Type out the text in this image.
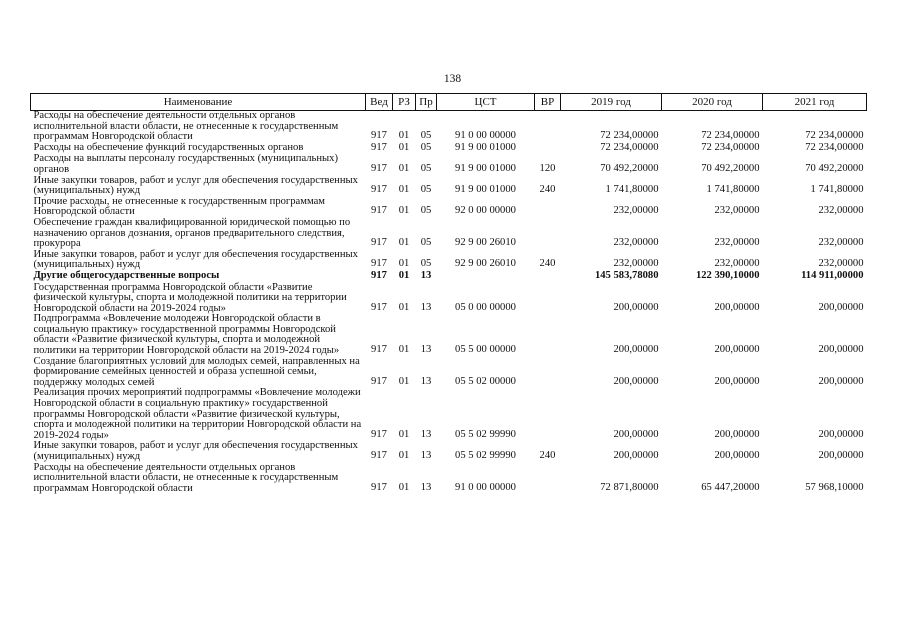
138
Наименование	Вед	РЗ	Пр	ЦСТ	ВР	2019 год	2020 год	2021 год
Расходы на обеспечение деятельности отдельных органов исполнительной власти области, не отнесенные к государственным программам Новгородской области	917	01	05	91 0 00 00000		72 234,00000	72 234,00000	72 234,00000
Расходы на обеспечение функций государственных органов	917	01	05	91 9 00 01000		72 234,00000	72 234,00000	72 234,00000
Расходы на выплаты персоналу государственных (муниципальных) органов	917	01	05	91 9 00 01000	120	70 492,20000	70 492,20000	70 492,20000
Иные закупки товаров, работ и услуг для обеспечения государственных (муниципальных) нужд	917	01	05	91 9 00 01000	240	1 741,80000	1 741,80000	1 741,80000
Прочие расходы, не отнесенные к государственным программам Новгородской области	917	01	05	92 0 00 00000		232,00000	232,00000	232,00000
Обеспечение граждан квалифицированной юридической помощью по назначению органов дознания, органов предварительного следствия, прокурора	917	01	05	92 9 00 26010		232,00000	232,00000	232,00000
Иные закупки товаров, работ и услуг для обеспечения государственных (муниципальных) нужд	917	01	05	92 9 00 26010	240	232,00000	232,00000	232,00000
Другие общегосударственные вопросы	917	01	13			145 583,78080	122 390,10000	114 911,00000
Государственная программа Новгородской области «Развитие физической культуры, спорта и молодежной политики на территории Новгородской области на 2019-2024 годы»	917	01	13	05 0 00 00000		200,00000	200,00000	200,00000
Подпрограмма «Вовлечение молодежи Новгородской области в социальную практику» государственной программы Новгородской области «Развитие физической культуры, спорта и молодежной политики на территории Новгородской области на 2019-2024 годы»	917	01	13	05 5 00 00000		200,00000	200,00000	200,00000
Создание благоприятных условий для молодых семей, направленных на формирование семейных ценностей и образа успешной семьи, поддержку молодых семей	917	01	13	05 5 02 00000		200,00000	200,00000	200,00000
Реализация прочих мероприятий подпрограммы «Вовлечение молодежи Новгородской области в социальную практику» государственной программы Новгородской области «Развитие физической культуры, спорта и молодежной политики на территории Новгородской области на 2019-2024 годы»	917	01	13	05 5 02 99990		200,00000	200,00000	200,00000
Иные закупки товаров, работ и услуг для обеспечения государственных (муниципальных) нужд	917	01	13	05 5 02 99990	240	200,00000	200,00000	200,00000
Расходы на обеспечение деятельности отдельных органов исполнительной власти области, не отнесенные к государственным программам Новгородской области	917	01	13	91 0 00 00000		72 871,80000	65 447,20000	57 968,10000
